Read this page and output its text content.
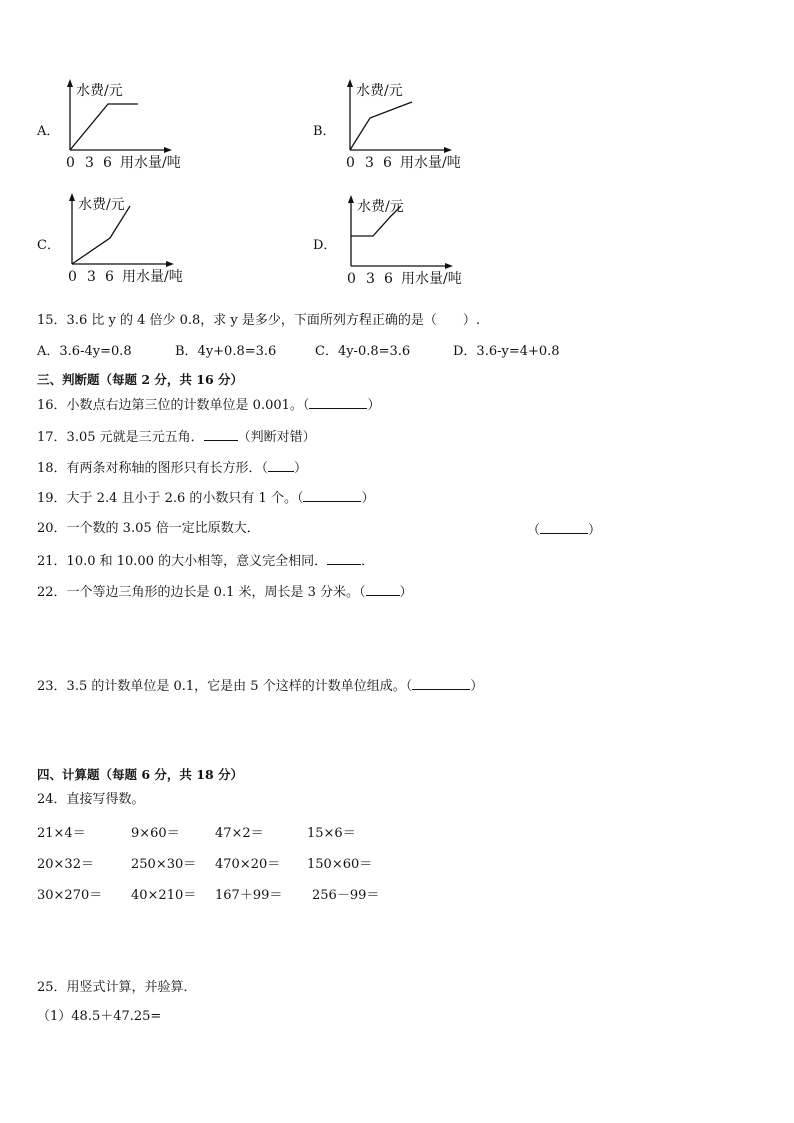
A．
水费/元
0 3 6 用水量/吨
B．
水费/元
0 3 6 用水量/吨
C．
水费/元
0 3 6 用水量/吨
D．
水费/元
0 3 6 用水量/吨
15．3.6 比 y 的 4 倍少 0.8，求 y 是多少，下面所列方程正确的是（　　）.
A．3.6-4y=0.8	B．4y+0.8=3.6	C．4y-0.8=3.6	D．3.6-y=4+0.8
三、判断题（每题 2 分，共 16 分）
16．小数点右边第三位的计数单位是 0.001。（	）
17．3.05 元就是三元五角．	（判断对错）
18．有两条对称轴的图形只有长方形．（ ）
19．大于 2.4 且小于 2.6 的小数只有 1 个。（	）
20．一个数的 3.05 倍一定比原数大．	（	）
21．10.0 和 10.00 的大小相等，意义完全相同．	．
22．一个等边三角形的边长是 0.1 米，周长是 3 分米。（	）
23．3.5 的计数单位是 0.1，它是由 5 个这样的计数单位组成。（	）
四、计算题（每题 6 分，共 18 分）
24．直接写得数。
21×4＝	9×60＝	47×2＝	15×6＝
20×32＝	250×30＝ 470×20＝ 150×60＝
30×270＝ 40×210＝ 167＋99＝ 256－99＝
25．用竖式计算，并验算．
（1）48.5＋47.25=
